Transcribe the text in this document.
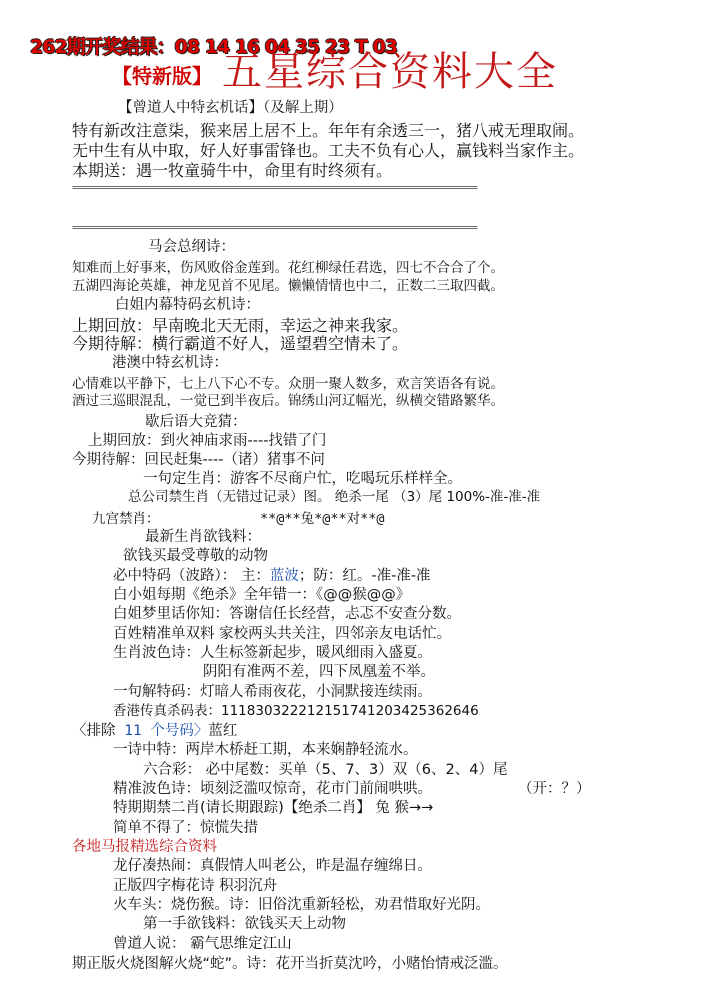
262期开奖结果：08 14 16 04 35 23 T 03
【特新版】 五星综合资料大全
【曾道人中特玄机话】（及解上期）
特有新改注意柒，猴来居上居不上。年年有余透三一，猪八戒无理取闹。
无中生有从中取，好人好事雷锋也。工夫不负有心人，赢钱料当家作主。
本期送：遇一牧童骑牛中，命里有时终须有。
========================================================================
========================================================================
马会总纲诗：
知难而上好事来，伤风败俗金莲到。花红柳绿任君选，四七不合合了个。
五湖四海论英雄，神龙见首不见尾。懒懒情情也中二，正数二三取四截。
白姐内幕特码玄机诗：
上期回放：早南晚北天无雨，幸运之神来我家。
今期待解：横行霸道不好人，遥望碧空情未了。
港澳中特玄机诗：
心情难以平静下，七上八下心不专。众朋一聚人数多，欢言笑语各有说。
酒过三巡眼混乱，一觉已到半夜后。锦绣山河辽幅光，纵横交错路繁华。
歇后语大竞猜：
上期回放：到火神庙求雨----找错了门
今期待解：回民赶集----（诸）猪事不问
一句定生肖：游客不尽商户忙，吃喝玩乐样样全。
总公司禁生肖（无错过记录）图。 绝杀一尾 （3）尾 100%-准-准-准
九宫禁肖：	**@**兔*@**对**@
最新生肖欲钱料：
欲钱买最受尊敬的动物
必中特码（波路）： 主：蓝波；防：红。-准-准-准
白小姐每期《绝杀》全年错一：《@@猴@@》
白姐梦里话你知：答谢信任长经营，忐忑不安查分数。
百姓精准单双料 家校两头共关注，四邻亲友电话忙。
生肖波色诗：人生标签新起步，暖风细雨入盛夏。
阴阳有准两不差，四下凤凰羞不举。
一句解特码：灯暗人希雨夜花，小洞默接连续雨。
香港传真杀码表：111830322212151741203425362646
〈排除 11 个号码〉蓝红
一诗中特：两岸木桥赶工期，本来娴静轻流水。
六合彩： 必中尾数：买单（5、7、3）双（6、2、4）尾
精准波色诗：顷刻泛滥叹惊奇，花市门前闹哄哄。	（开：？）
特期期禁二肖(请长期跟踪)【绝杀二肖】 兔 猴→→
简单不得了：惊慌失措
各地马报精选综合资料
龙仔凑热闹：真假情人叫老公，昨是温存缠绵日。
正版四字梅花诗 积羽沉舟
火车头：烧伤猴。诗：旧俗沈重新轻松，劝君惜取好光阴。
第一手欲钱料：欲钱买天上动物
曾道人说： 霸气思维定江山
期正版火烧图解火烧“蛇”。诗：花开当折莫沈吟，小赌怡情戒泛滥。
